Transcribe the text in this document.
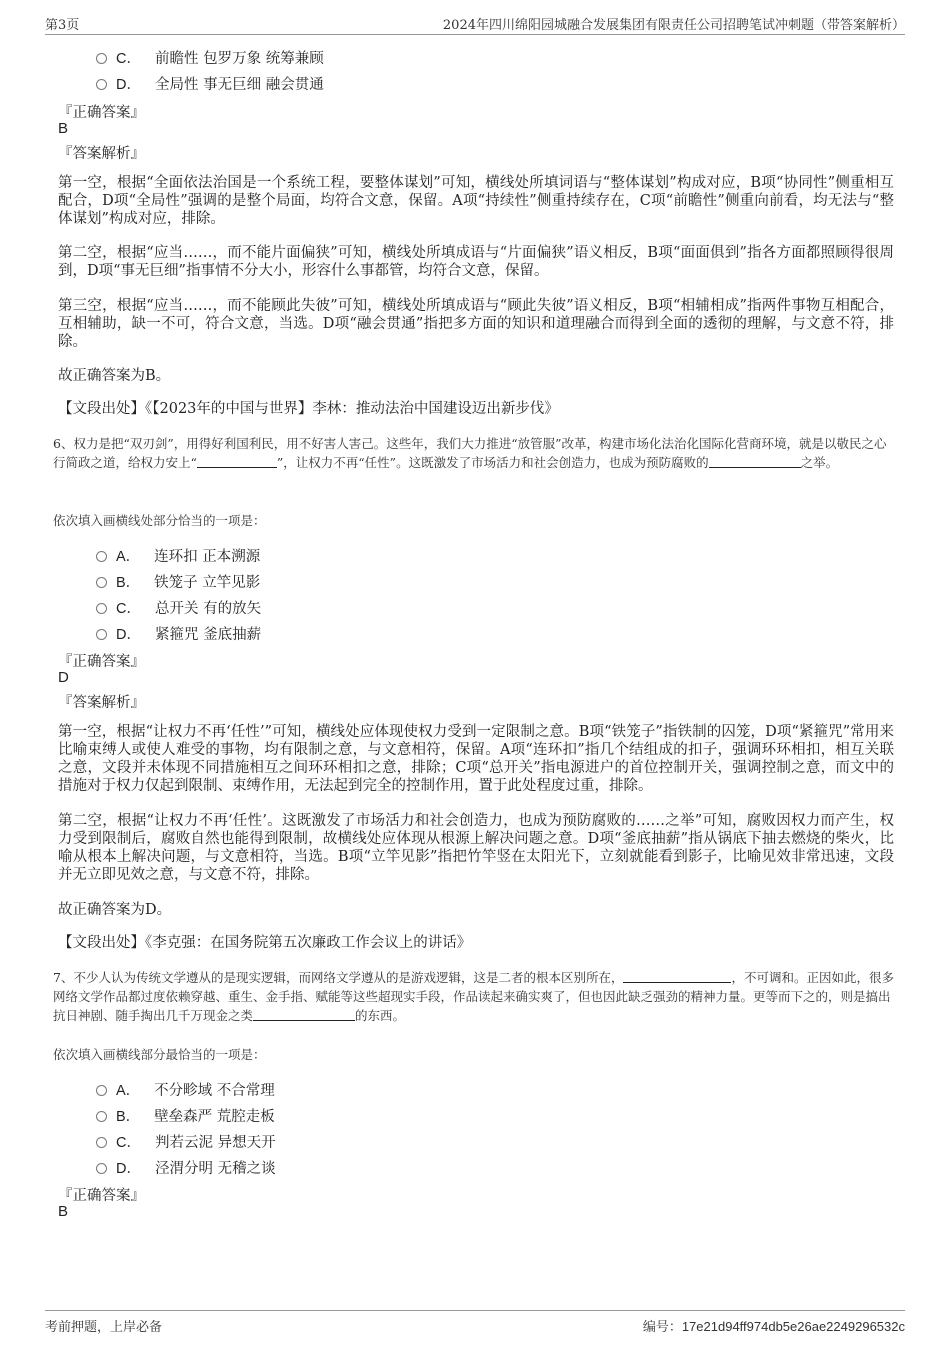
第3页	2024年四川绵阳园城融合发展集团有限责任公司招聘笔试冲刺题（带答案解析）
C． 前瞻性 包罗万象 统筹兼顾
D． 全局性 事无巨细 融会贯通
『正确答案』
B
『答案解析』

第一空，根据“全面依法治国是一个系统工程，要整体谋划”可知，横线处所填词语与“整体谋划”构成对应，B项“协同性”侧重相互配合，D项“全局性”强调的是整个局面，均符合文意，保留。A项“持续性”侧重持续存在，C项“前瞻性”侧重向前看，均无法与“整体谋划”构成对应，排除。

第二空，根据“应当……，而不能片面偏狭”可知，横线处所填成语与“片面偏狭”语义相反，B项“面面俱到”指各方面都照顾得很周到，D项“事无巨细”指事情不分大小，形容什么事都管，均符合文意，保留。

第三空，根据“应当……，而不能顾此失彼”可知，横线处所填成语与“顾此失彼”语义相反，B项“相辅相成”指两件事物互相配合，互相辅助，缺一不可，符合文意，当选。D项“融会贯通”指把多方面的知识和道理融合而得到全面的透彻的理解，与文意不符，排除。

故正确答案为B。

【文段出处】《【2023年的中国与世界】李林：推动法治中国建设迈出新步伐》

6、权力是把“双刃剑”，用得好利国利民，用不好害人害己。这些年，我们大力推进“放管服”改革，构建市场化法治化国际化营商环境，就是以敬民之心行简政之道，给权力安上“	”，让权力不再“任性”。这既激发了市场活力和社会创造力，也成为预防腐败的	之举。

依次填入画横线处部分恰当的一项是：
A． 连环扣 正本溯源
B． 铁笼子 立竿见影
C． 总开关 有的放矢
D． 紧箍咒 釜底抽薪
『正确答案』
D
『答案解析』

第一空，根据“让权力不再‘任性’”可知，横线处应体现使权力受到一定限制之意。B项“铁笼子”指铁制的囚笼，D项“紧箍咒”常用来比喻束缚人或使人难受的事物，均有限制之意，与文意相符，保留。A项“连环扣”指几个结组成的扣子，强调环环相扣，相互关联之意，文段并未体现不同措施相互之间环环相扣之意，排除；C项“总开关”指电源进户的首位控制开关，强调控制之意，而文中的措施对于权力仅起到限制、束缚作用，无法起到完全的控制作用，置于此处程度过重，排除。

第二空，根据“让权力不再‘任性’。这既激发了市场活力和社会创造力，也成为预防腐败的……之举”可知，腐败因权力而产生，权力受到限制后，腐败自然也能得到限制，故横线处应体现从根源上解决问题之意。D项“釜底抽薪”指从锅底下抽去燃烧的柴火，比喻从根本上解决问题，与文意相符，当选。B项“立竿见影”指把竹竿竖在太阳光下，立刻就能看到影子，比喻见效非常迅速，文段并无立即见效之意，与文意不符，排除。

故正确答案为D。

【文段出处】《李克强：在国务院第五次廉政工作会议上的讲话》

7、不少人认为传统文学遵从的是现实逻辑，而网络文学遵从的是游戏逻辑，这是二者的根本区别所在，	，不可调和。正因如此，很多网络文学作品都过度依赖穿越、重生、金手指、赋能等这些超现实手段，作品读起来确实爽了，但也因此缺乏强劲的精神力量。更等而下之的，则是搞出抗日神剧、随手掏出几千万现金之类	的东西。

依次填入画横线部分最恰当的一项是：
A． 不分畛域 不合常理
B． 壁垒森严 荒腔走板
C． 判若云泥 异想天开
D． 泾渭分明 无稽之谈
『正确答案』
B
考前押题，上岸必备	编号：17e21d94ff974db5e26ae2249296532c
